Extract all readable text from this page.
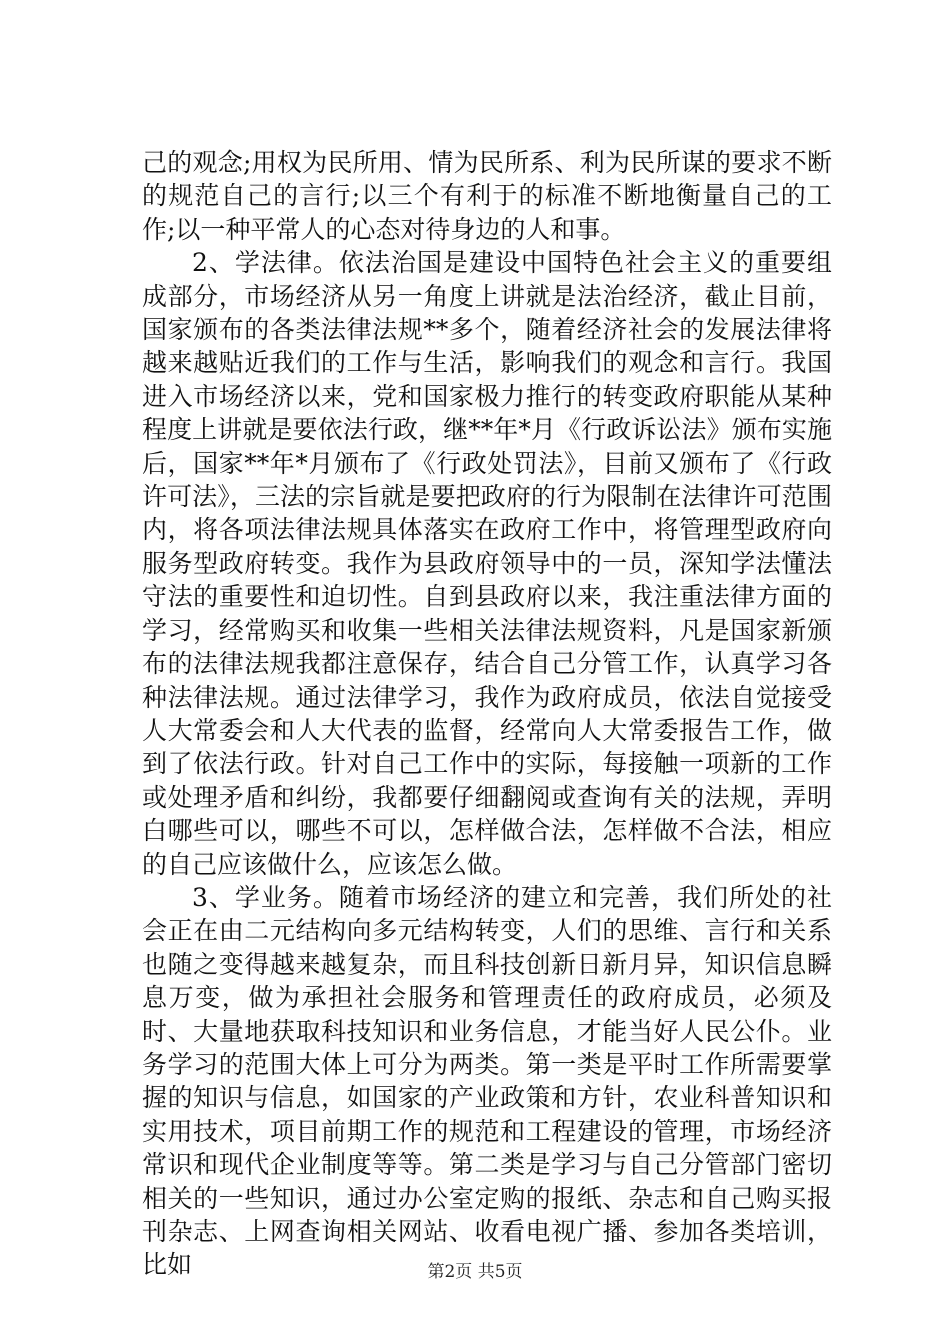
己的观念;用权为民所用、情为民所系、利为民所谋的要求不断的规范自己的言行;以三个有利于的标准不断地衡量自己的工作;以一种平常人的心态对待身边的人和事。

2、学法律。依法治国是建设中国特色社会主义的重要组成部分，市场经济从另一角度上讲就是法治经济，截止目前，国家颁布的各类法律法规**多个，随着经济社会的发展法律将越来越贴近我们的工作与生活，影响我们的观念和言行。我国进入市场经济以来，党和国家极力推行的转变政府职能从某种程度上讲就是要依法行政，继**年*月《行政诉讼法》颁布实施后，国家**年*月颁布了《行政处罚法》，目前又颁布了《行政许可法》，三法的宗旨就是要把政府的行为限制在法律许可范围内，将各项法律法规具体落实在政府工作中，将管理型政府向服务型政府转变。我作为县政府领导中的一员，深知学法懂法守法的重要性和迫切性。自到县政府以来，我注重法律方面的学习，经常购买和收集一些相关法律法规资料，凡是国家新颁布的法律法规我都注意保存，结合自己分管工作，认真学习各种法律法规。通过法律学习，我作为政府成员，依法自觉接受人大常委会和人大代表的监督，经常向人大常委报告工作，做到了依法行政。针对自己工作中的实际，每接触一项新的工作或处理矛盾和纠纷，我都要仔细翻阅或查询有关的法规，弄明白哪些可以，哪些不可以，怎样做合法，怎样做不合法，相应的自己应该做什么，应该怎么做。

3、学业务。随着市场经济的建立和完善，我们所处的社会正在由二元结构向多元结构转变，人们的思维、言行和关系也随之变得越来越复杂，而且科技创新日新月异，知识信息瞬息万变，做为承担社会服务和管理责任的政府成员，必须及时、大量地获取科技知识和业务信息，才能当好人民公仆。业务学习的范围大体上可分为两类。第一类是平时工作所需要掌握的知识与信息，如国家的产业政策和方针，农业科普知识和实用技术，项目前期工作的规范和工程建设的管理，市场经济常识和现代企业制度等等。第二类是学习与自己分管部门密切相关的一些知识，通过办公室定购的报纸、杂志和自己购买报刊杂志、上网查询相关网站、收看电视广播、参加各类培训，比如	第2页 共5页
